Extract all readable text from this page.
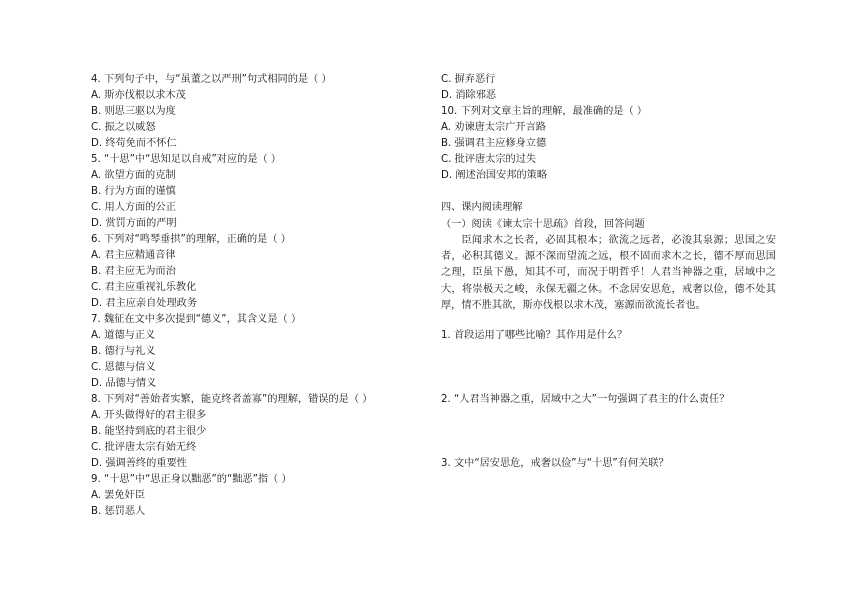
4. 下列句子中，与“虽董之以严刑”句式相同的是（ ）
A. 斯亦伐根以求木茂
B. 则思三驱以为度
C. 振之以威怒
D. 终苟免而不怀仁
5. “十思”中“思知足以自戒”对应的是（ ）
A. 欲望方面的克制
B. 行为方面的谨慎
C. 用人方面的公正
D. 赏罚方面的严明
6. 下列对“鸣琴垂拱”的理解，正确的是（ ）
A. 君主应精通音律
B. 君主应无为而治
C. 君主应重视礼乐教化
D. 君主应亲自处理政务
7. 魏征在文中多次提到“德义”，其含义是（ ）
A. 道德与正义
B. 德行与礼义
C. 恩德与信义
D. 品德与情义
8. 下列对“善始者实繁，能克终者盖寡”的理解，错误的是（ ）
A. 开头做得好的君主很多
B. 能坚持到底的君主很少
C. 批评唐太宗有始无终
D. 强调善终的重要性
9. “十思”中“思正身以黜恶”的“黜恶”指（ ）
A. 罢免奸臣
B. 惩罚恶人
C. 摒弃恶行
D. 消除邪恶
10. 下列对文章主旨的理解，最准确的是（ ）
A. 劝谏唐太宗广开言路
B. 强调君主应修身立德
C. 批评唐太宗的过失
D. 阐述治国安邦的策略
四、课内阅读理解
（一）阅读《谏太宗十思疏》首段，回答问题

臣闻求木之长者，必固其根本；欲流之远者，必浚其泉源；思国之安者，必积其德义。源不深而望流之远，根不固而求木之长，德不厚而思国之理，臣虽下愚，知其不可，而况于明哲乎！人君当神器之重，居域中之大，将崇极天之峻，永保无疆之休。不念居安思危，戒奢以俭，德不处其厚，情不胜其欲，斯亦伐根以求木茂，塞源而欲流长者也。

1. 首段运用了哪些比喻？其作用是什么？
2. “人君当神器之重，居域中之大”一句强调了君主的什么责任？
3. 文中“居安思危，戒奢以俭”与“十思”有何关联？
